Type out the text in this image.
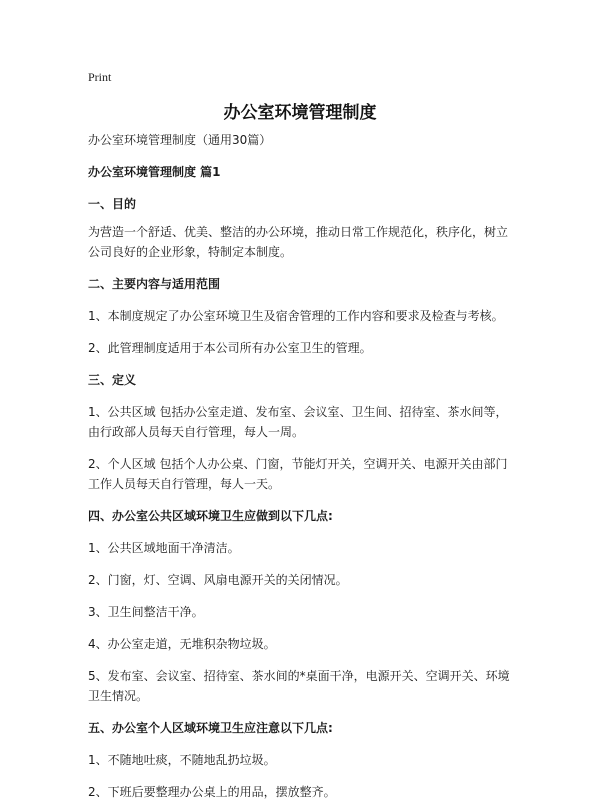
Print
办公室环境管理制度

办公室环境管理制度（通用30篇）

办公室环境管理制度 篇1

一、目的

为营造一个舒适、优美、整洁的办公环境，推动日常工作规范化，秩序化，树立公司良好的企业形象，特制定本制度。

二、主要内容与适用范围

1、本制度规定了办公室环境卫生及宿舍管理的工作内容和要求及检查与考核。

2、此管理制度适用于本公司所有办公室卫生的管理。

三、定义

1、公共区域 包括办公室走道、发布室、会议室、卫生间、招待室、茶水间等，由行政部人员每天自行管理，每人一周。

2、个人区域 包括个人办公桌、门窗，节能灯开关，空调开关、电源开关由部门工作人员每天自行管理，每人一天。

四、办公室公共区域环境卫生应做到以下几点:

1、公共区域地面干净清洁。

2、门窗，灯、空调、风扇电源开关的关闭情况。

3、卫生间整洁干净。

4、办公室走道，无堆积杂物垃圾。

5、发布室、会议室、招待室、茶水间的*桌面干净，电源开关、空调开关、环境卫生情况。

五、办公室个人区域环境卫生应注意以下几点:

1、不随地吐痰，不随地乱扔垃圾。

2、下班后要整理办公桌上的用品，摆放整齐。
